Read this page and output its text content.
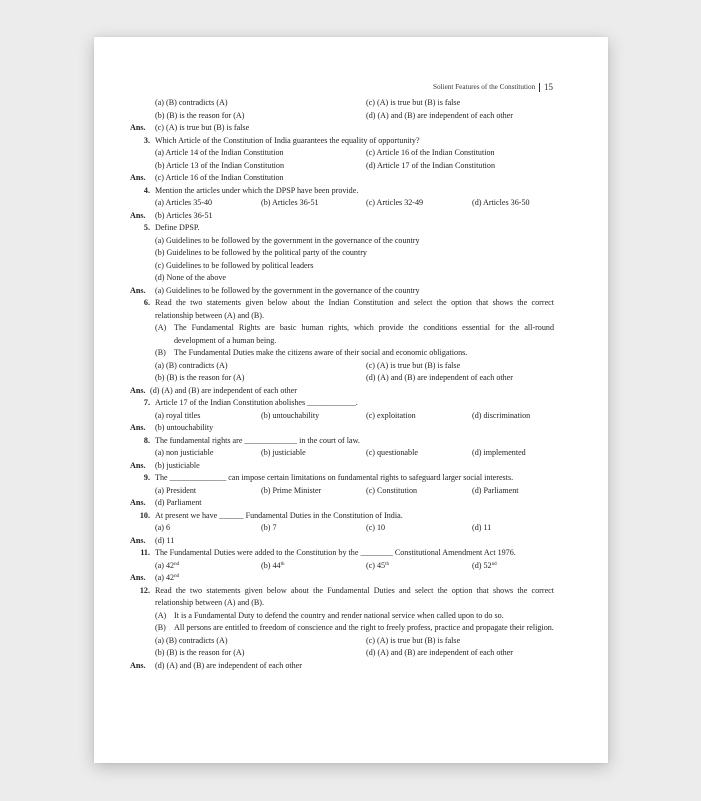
Solient Features of the Constitution 15
(a) (B) contradicts (A)	(c) (A) is true but (B) is false
(b) (B) is the reason for (A)	(d) (A) and (B) are independent of each other
Ans. (c) (A) is true but (B) is false
3. Which Article of the Constitution of India guarantees the equality of opportunity?
(a) Article 14 of the Indian Constitution	(c) Article 16 of the Indian Constitution
(b) Article 13 of the Indian Constitution	(d) Article 17 of the Indian Constitution
Ans. (c) Article 16 of the Indian Constitution
4. Mention the articles under which the DPSP have been provide.
(a) Articles 35-40	(b) Articles 36-51	(c) Articles 32-49	(d) Articles 36-50
Ans. (b) Articles 36-51
5. Define DPSP.
(a) Guidelines to be followed by the government in the governance of the country
(b) Guidelines to be followed by the political party of the country
(c) Guidelines to be followed by political leaders
(d) None of the above
Ans. (a) Guidelines to be followed by the government in the governance of the country
6. Read the two statements given below about the Indian Constitution and select the option that shows the correct relationship between (A) and (B).
(A) The Fundamental Rights are basic human rights, which provide the conditions essential for the all-round development of a human being.
(B) The Fundamental Duties make the citizens aware of their social and economic obligations.
(a) (B) contradicts (A)	(c) (A) is true but (B) is false
(b) (B) is the reason for (A)	(d) (A) and (B) are independent of each other
Ans. (d) (A) and (B) are independent of each other
7. Article 17 of the Indian Constitution abolishes ____________.
(a) royal titles	(b) untouchability	(c) exploitation	(d) discrimination
Ans. (b) untouchability
8. The fundamental rights are _____________ in the court of law.
(a) non justiciable	(b) justiciable	(c) questionable	(d) implemented
Ans. (b) justiciable
9. The ______________ can impose certain limitations on fundamental rights to safeguard larger social interests.
(a) President	(b) Prime Minister	(c) Constitution	(d) Parliament
Ans. (d) Parliament
10. At present we have ______ Fundamental Duties in the Constitution of India.
(a) 6	(b) 7	(c) 10	(d) 11
Ans. (d) 11
11. The Fundamental Duties were added to the Constitution by the ________ Constitutional Amendment Act 1976.
(a) 42nd	(b) 44th	(c) 45th	(d) 52nd
Ans. (a) 42nd
12. Read the two statements given below about the Fundamental Duties and select the option that shows the correct relationship between (A) and (B).
(A) It is a Fundamental Duty to defend the country and render national service when called upon to do so.
(B) All persons are entitled to freedom of conscience and the right to freely profess, practice and propagate their religion.
(a) (B) contradicts (A)	(c) (A) is true but (B) is false
(b) (B) is the reason for (A)	(d) (A) and (B) are independent of each other
Ans. (d) (A) and (B) are independent of each other
